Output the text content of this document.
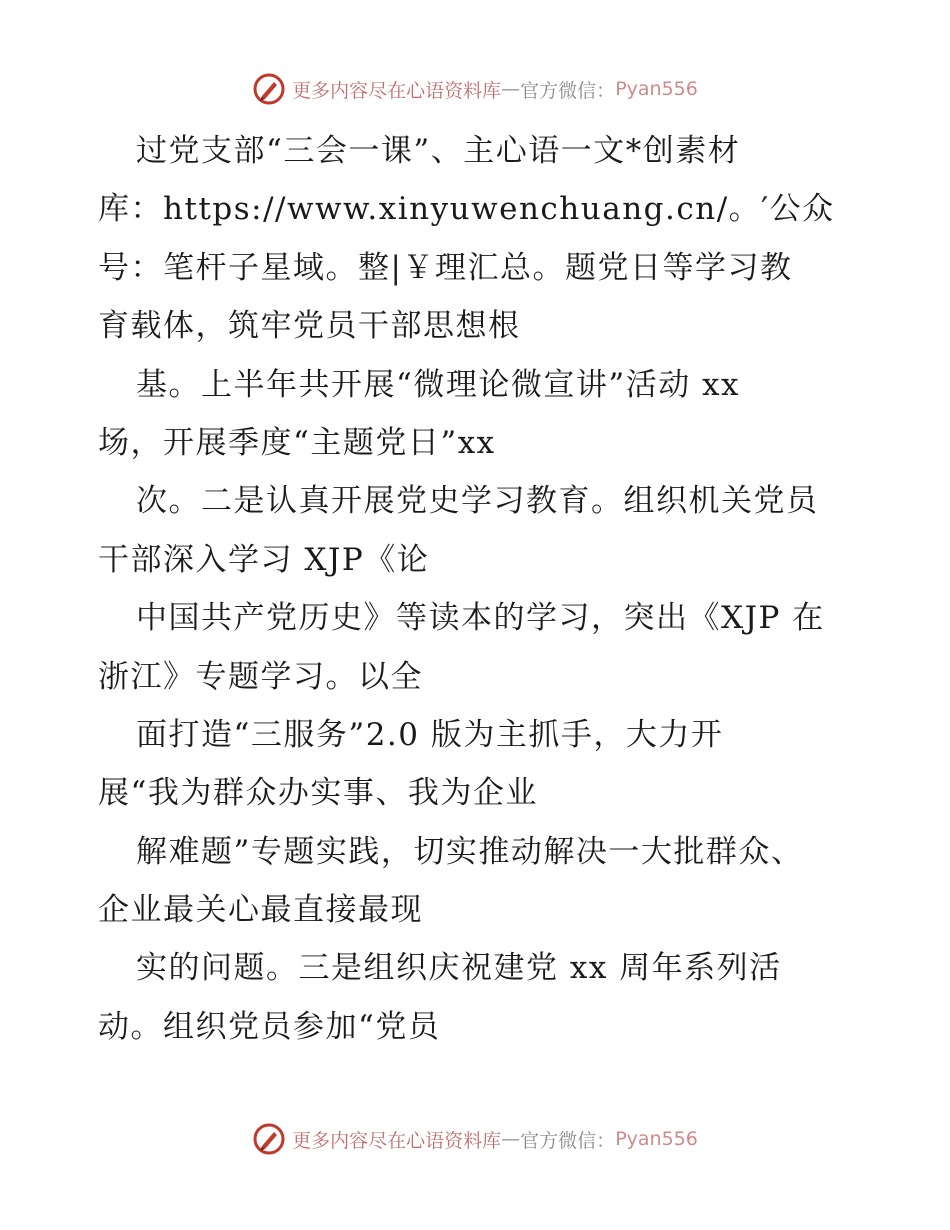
更多内容尽在心语资料库 — 官方微信： Pyan556
过党支部“三会一课”、主心语一文*创素材
库：https://www.xinyuwenchuang.cn/。′公众
号：笔杆子星域。整|￥理汇总。题党日等学习教
育载体，筑牢党员干部思想根
基。上半年共开展“微理论微宣讲”活动 xx
场，开展季度“主题党日”xx
次。二是认真开展党史学习教育。组织机关党员
干部深入学习 XJP《论
中国共产党历史》等读本的学习，突出《XJP 在
浙江》专题学习。以全
面打造“三服务”2.0 版为主抓手，大力开
展“我为群众办实事、我为企业
解难题”专题实践，切实推动解决一大批群众、
企业最关心最直接最现
实的问题。三是组织庆祝建党 xx 周年系列活
动。组织党员参加“党员
更多内容尽在心语资料库 — 官方微信： Pyan556
